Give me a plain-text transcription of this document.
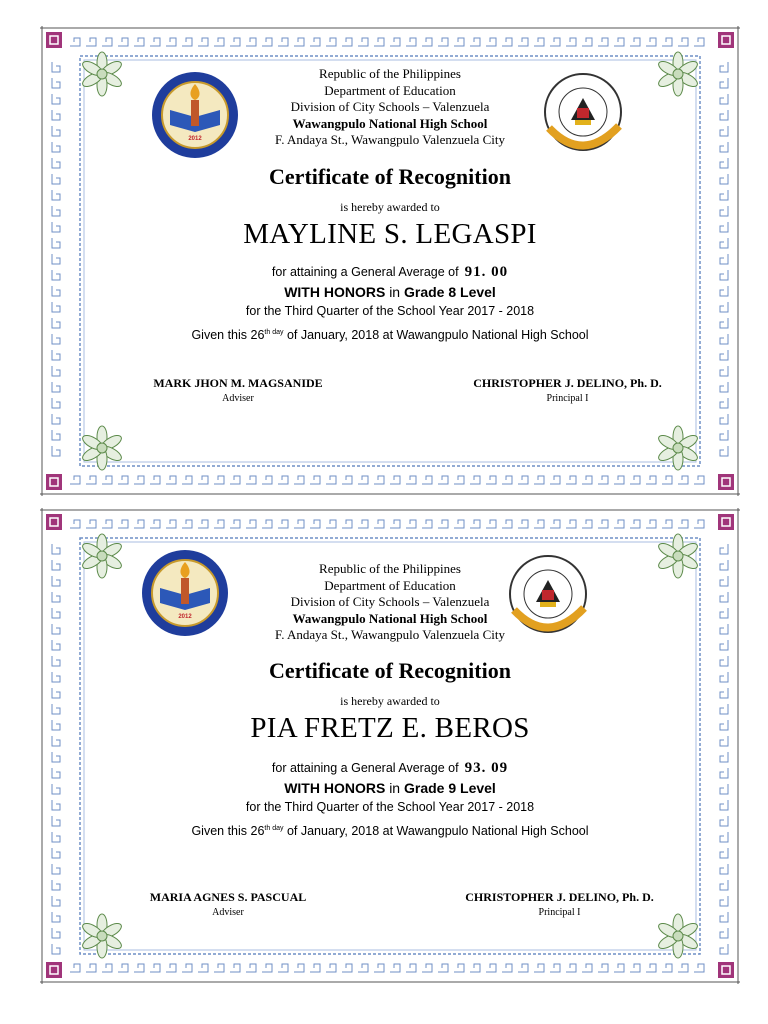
2012
Republic of the Philippines
Department of Education
Division of City Schools – Valenzuela
Wawangpulo National High School
F. Andaya St., Wawangpulo Valenzuela City
Certificate of Recognition
is hereby awarded to
MAYLINE S. LEGASPI
for attaining a General Average of 91. 00
WITH HONORS in Grade 8 Level
for the Third Quarter of the School Year 2017 - 2018
Given this $26^{th day}$ of January, 2018 at Wawangpulo National High School
MARK JHON M. MAGSANIDE
Adviser
CHRISTOPHER J. DELINO, Ph. D.
Principal I
2012
Republic of the Philippines
Department of Education
Division of City Schools – Valenzuela
Wawangpulo National High School
F. Andaya St., Wawangpulo Valenzuela City
Certificate of Recognition
is hereby awarded to
PIA FRETZ E. BEROS
for attaining a General Average of 93. 09
WITH HONORS in Grade 9 Level
for the Third Quarter of the School Year 2017 - 2018
Given this $26^{th day}$ of January, 2018 at Wawangpulo National High School
MARIA AGNES S. PASCUAL
Adviser
CHRISTOPHER J. DELINO, Ph. D.
Principal I
